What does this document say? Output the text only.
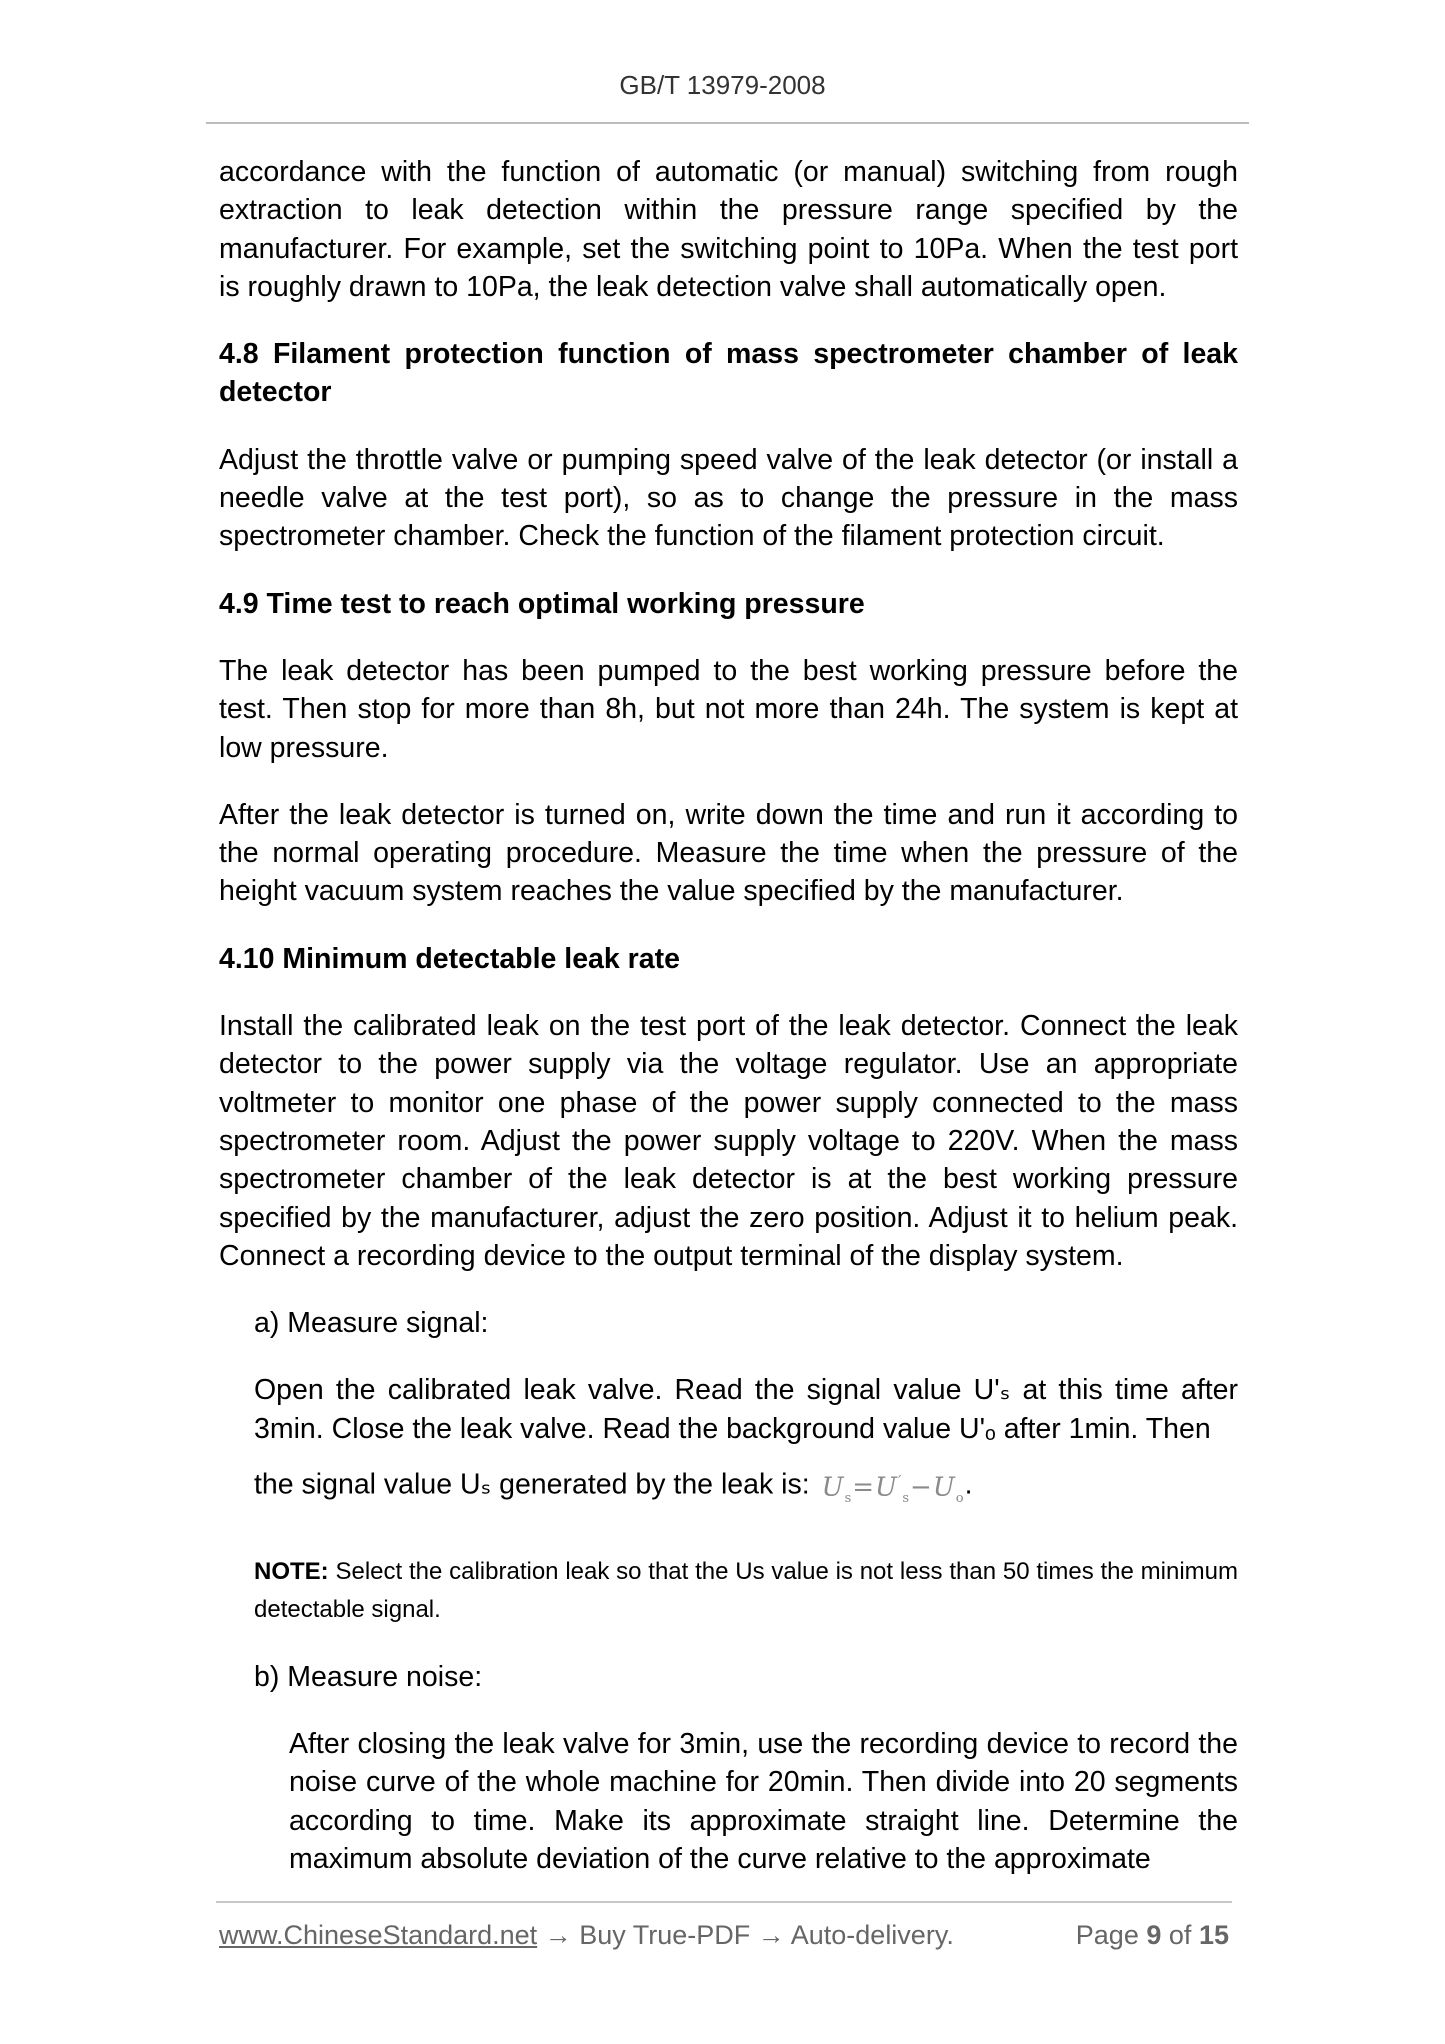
GB/T 13979-2008

accordance with the function of automatic (or manual) switching from rough extraction to leak detection within the pressure range specified by the manufacturer. For example, set the switching point to 10Pa. When the test port is roughly drawn to 10Pa, the leak detection valve shall automatically open.

4.8 Filament protection function of mass spectrometer chamber of leak detector

Adjust the throttle valve or pumping speed valve of the leak detector (or install a needle valve at the test port), so as to change the pressure in the mass spectrometer chamber. Check the function of the filament protection circuit.

4.9 Time test to reach optimal working pressure

The leak detector has been pumped to the best working pressure before the test. Then stop for more than 8h, but not more than 24h. The system is kept at low pressure.

After the leak detector is turned on, write down the time and run it according to the normal operating procedure. Measure the time when the pressure of the height vacuum system reaches the value specified by the manufacturer.

4.10 Minimum detectable leak rate

Install the calibrated leak on the test port of the leak detector. Connect the leak detector to the power supply via the voltage regulator. Use an appropriate voltmeter to monitor one phase of the power supply connected to the mass spectrometer room. Adjust the power supply voltage to 220V. When the mass spectrometer chamber of the leak detector is at the best working pressure specified by the manufacturer, adjust the zero position. Adjust it to helium peak. Connect a recording device to the output terminal of the display system.

a) Measure signal:

Open the calibrated leak valve. Read the signal value U'ₛ at this time after 3min. Close the leak valve. Read the background value U'ₒ after 1min. Then

the signal value Uₛ generated by the leak is: $U_s=U'_s-U_o$.

NOTE: Select the calibration leak so that the Us value is not less than 50 times the minimum detectable signal.

b) Measure noise:

After closing the leak valve for 3min, use the recording device to record the noise curve of the whole machine for 20min. Then divide into 20 segments according to time. Make its approximate straight line. Determine the maximum absolute deviation of the curve relative to the approximate

www.ChineseStandard.net → Buy True-PDF → Auto-delivery.	Page 9 of 15
